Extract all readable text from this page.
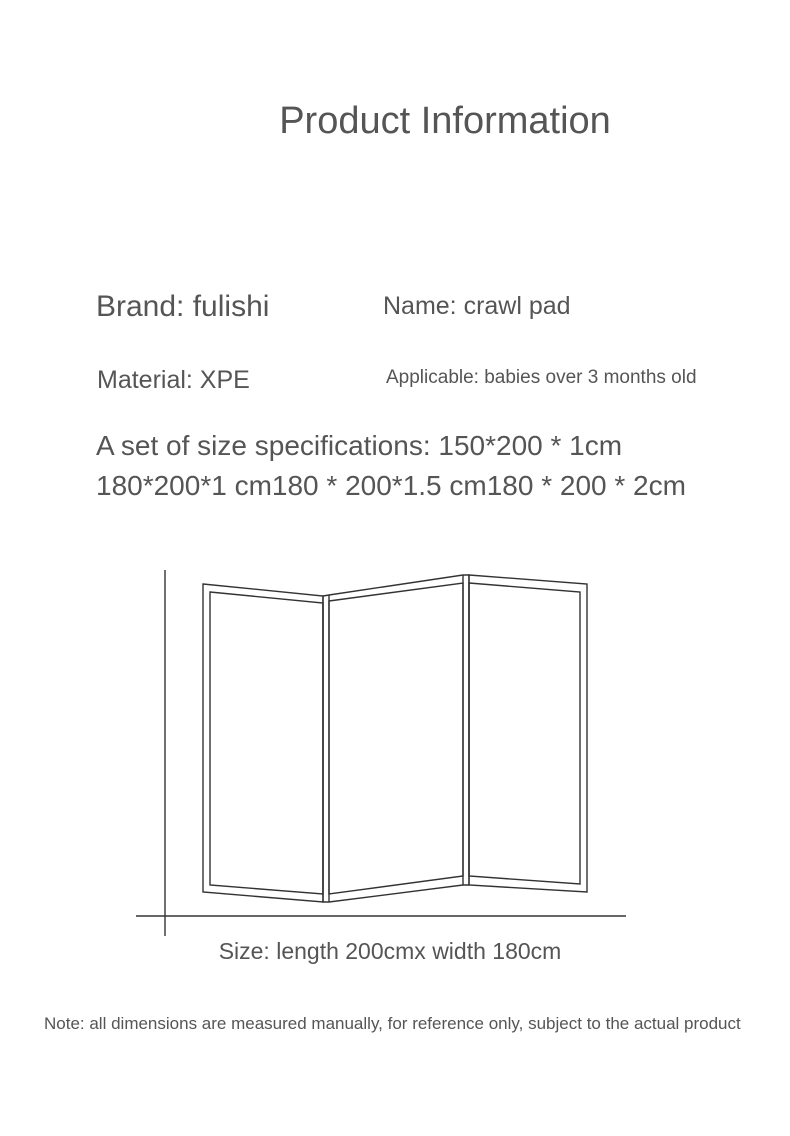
Product Information
Brand: fulishi	Name: crawl pad
Material: XPE	Applicable: babies over 3 months old
A set of size specifications: 150*200 * 1cm
180*200*1 cm180 * 200*1.5 cm180 * 200 * 2cm
Size: length 200cmx width 180cm
Note: all dimensions are measured manually, for reference only, subject to the actual product
